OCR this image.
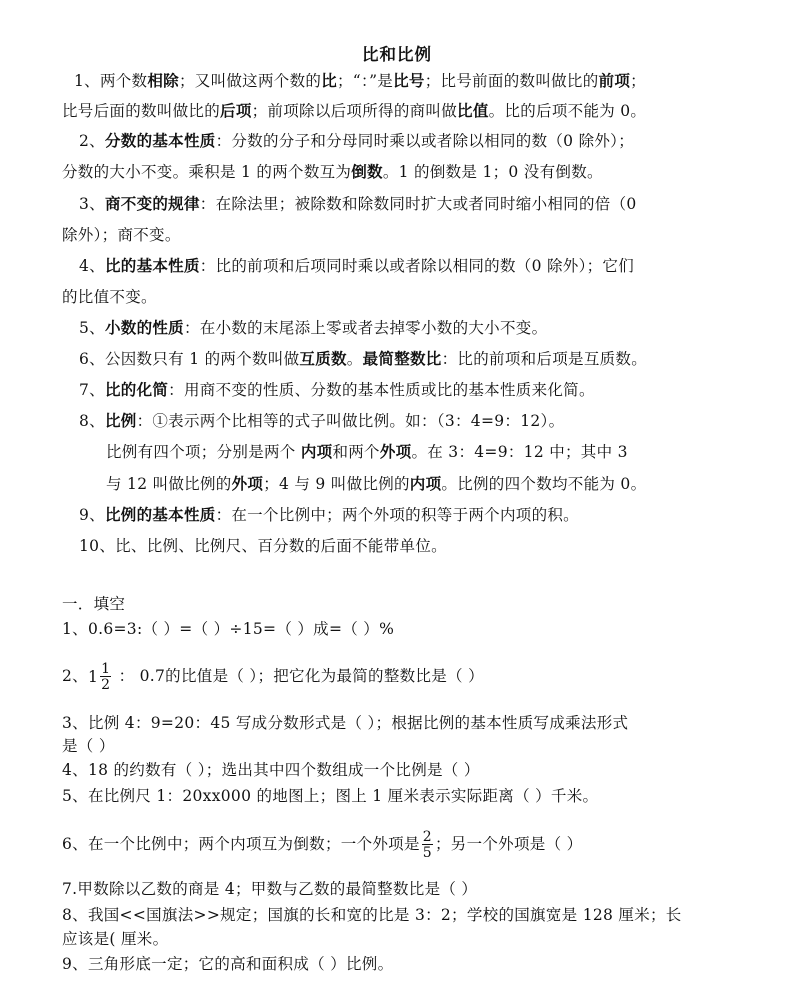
比和比例
1、两个数相除；又叫做这两个数的比；“：”是比号；比号前面的数叫做比的前项；
比号后面的数叫做比的后项；前项除以后项所得的商叫做比值。比的后项不能为 0。
2、分数的基本性质：分数的分子和分母同时乘以或者除以相同的数（0 除外）；
分数的大小不变。乘积是 1 的两个数互为倒数。1 的倒数是 1；0 没有倒数。
3、商不变的规律：在除法里；被除数和除数同时扩大或者同时缩小相同的倍（0
除外）；商不变。
4、比的基本性质：比的前项和后项同时乘以或者除以相同的数（0 除外）；它们
的比值不变。
5、小数的性质：在小数的末尾添上零或者去掉零小数的大小不变。
6、公因数只有 1 的两个数叫做互质数。最简整数比：比的前项和后项是互质数。
7、比的化简：用商不变的性质、分数的基本性质或比的基本性质来化简。
8、比例：①表示两个比相等的式子叫做比例。如：（3：4=9：12）。
比例有四个项；分别是两个 内项和两个外项。在 3：4=9：12 中；其中 3
与 12 叫做比例的外项；4 与 9 叫做比例的内项。比例的四个数均不能为 0。
9、比例的基本性质：在一个比例中；两个外项的积等于两个内项的积。
10、比、比例、比例尺、百分数的后面不能带单位。
一．填空
1、0.6=3:（ ）=（ ）÷15=（ ）成=（ ）%
2、$1 \frac{1}{2}$ ： 0.7的比值是（ ）；把它化为最简的整数比是（ ）
3、比例 4：9=20：45 写成分数形式是（ ）；根据比例的基本性质写成乘法形式
是（ ）
4、18 的约数有（ ）；选出其中四个数组成一个比例是（ ）
5、在比例尺 1：20xx000 的地图上；图上 1 厘米表示实际距离（ ）千米。
6、在一个比例中；两个内项互为倒数；一个外项是 $\frac{2}{5}$ ；另一个外项是（ ）
7.甲数除以乙数的商是 4；甲数与乙数的最简整数比是（ ）
8、我国<<国旗法>>规定；国旗的长和宽的比是 3：2；学校的国旗宽是 128 厘米；长
应该是( 厘米。
9、三角形底一定；它的高和面积成（ ）比例。
